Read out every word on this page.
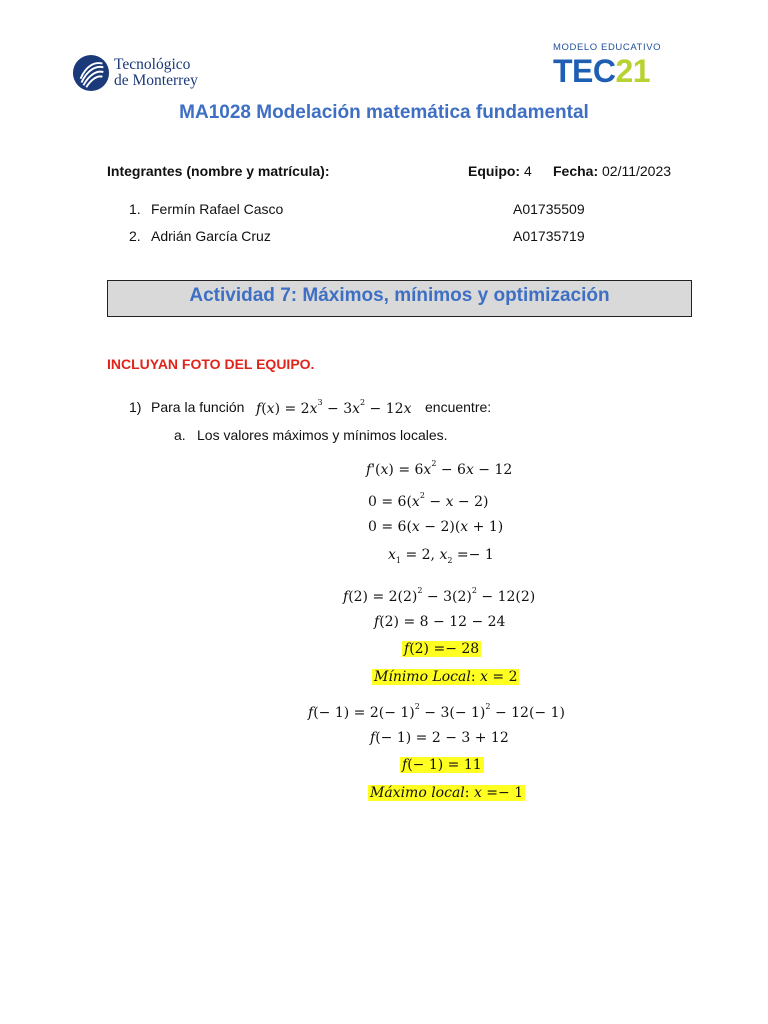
Tecnológico
de Monterrey
MODELO EDUCATIVO
TEC21
MA1028 Modelación matemática fundamental
Integrantes (nombre y matrícula):	Equipo: 4 Fecha: 02/11/2023
1. Fermín Rafael Casco	A01735509
2. Adrián García Cruz	A01735719
Actividad 7: Máximos, mínimos y optimización
INCLUYAN FOTO DEL EQUIPO.
1) Para la función $f(x) = 2x^3 - 3x^2 - 12x$ encuentre:
a. Los valores máximos y mínimos locales.
$f'(x) = 6x^2 - 6x - 12$
$0 = 6(x^2 - x - 2)$
0 = 6(x − 2)(x + 1)
$x_1 = 2$, $x_2 =- 1$
$f(2) = 2(2)^2 - 3(2)^2 - 12(2)$
f(2) = 8 − 12 − 24
f(2) =− 28
Mínimo Local: x = 2
$f(- 1) = 2(- 1)^2 - 3(- 1)^2 - 12(- 1)$
f(− 1) = 2 − 3 + 12
f(− 1) = 11
Máximo local: x =− 1
